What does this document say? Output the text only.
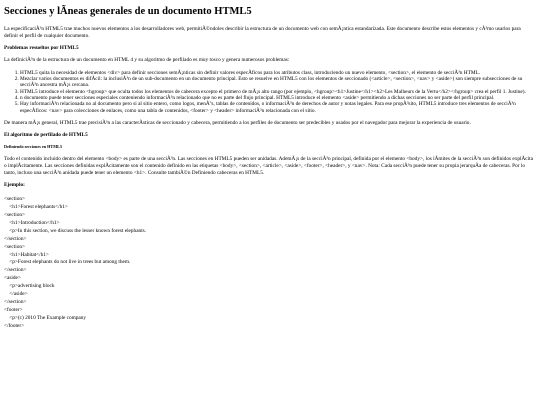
Secciones y lÃneas generales de un documento HTML5

La especificaciÃ³n HTML5 trae muchos nuevos elementos a los desarrolladores web, permitiÃ©ndoles describir la estructura de un documento web con semÃ¡ntica estandarizada. Este documento describe estos elementos y cÃ³mo usarlos para definir el perfil de cualquier documento.

Problemas resueltos por HTML5

La definiciÃ³n de la estructura de un documento en HTML 4 y su algoritmo de perfilado es muy tosco y genera numerosos problemas:

1. HTML5 quita la necesidad de elementos <div> para definir secciones semÃ¡nticas sin definir valores especÃficos para los atributos class, introduciendo un nuevo elemento, <section>, el elemento de secciÃ³n HTML.
2. Mezclar varios documentos es difÃcil: la inclusiÃ³n de un sub-documento en un documento principal. Esto se resuelve en HTML5 con los elementos de seccionado (<article>, <section>, <nav> y <aside>) son siempre subsecciones de su secciÃ³n ancestra mÃ¡s cercana.
3. HTML5 introduce el elemento <hgroup> que oculta todos los elementos de cabecera excepto el primero de mÃ¡s alto rango (por ejemplo, <hgroup><h1>Justine</h1><h2>Les Malheurs de la Vertu</h2></hgroup> crea el perfil 1. Justine).
4. n documento puede tener secciones especiales conteniendo informaciÃ³n relacionado que no es parte del flujo principal. HTML5 introduce el elemento <aside> permitiendo a dichas secciones no ser parte del perfil principal.
5. Hay informaciÃ³n relacionada no al documento pero si al sitio entero, como logos, menÃºs, tablas de contenidos, o informaciÃ³n de derechos de autor y notas legales. Para ese propÃ³sito, HTML5 introduce tres elementos de secciÃ³n especÃficos: <nav> para colecciones de enlaces, como una tabla de contenidos, <footer> y <header> informaciÃ³n relacionada con el sitio.

De manera mÃ¡s general, HTML5 trae precisiÃ³n a las caracterÃsticas de seccionado y cabecera, permitiendo a los perfiles de documento ser predecibles y usados por el navegador para mejorar la experiencia de usuario.

El algoritmo de perfilado de HTML5
Definiendo secciones en HTML5

Todo el contenido incluido dentro del elemento <body> es parte de una secciÃ³n. Las secciones en HTML5 pueden ser anidadas. AdemÃ¡s de la secciÃ³n principal, definida por el elemento <body>, los lÃmites de la secciÃ³n son definidos explÃcita o implÃcitamente. Las secciones definidas explÃcitamente son el contenido definido en las etiquetas <body>, <section>, <article>, <aside>, <footer>, <header>, y <nav>. Nota: Cada secciÃ³n puede tener su propia jerarquÃa de cabeceras. Por lo tanto, incluso una secciÃ³n anidada puede tener un elemento <h1>. Consulte tambiÃ©n Definiendo cabeceras en HTML5.

Ejemplo:
<section>
<h1>Forest elephants</h1>
<section>
<h1>Introduction</h1>
<p>In this section, we discuss the lesser known forest elephants.
</section>
<section>
<h1>Habitat</h1>
<p>Forest elephants do not live in trees but among them.
</section>
<aside>
<p>advertising block
</aside>
</section>
<footer>
<p>(c) 2010 The Example company
</footer>
